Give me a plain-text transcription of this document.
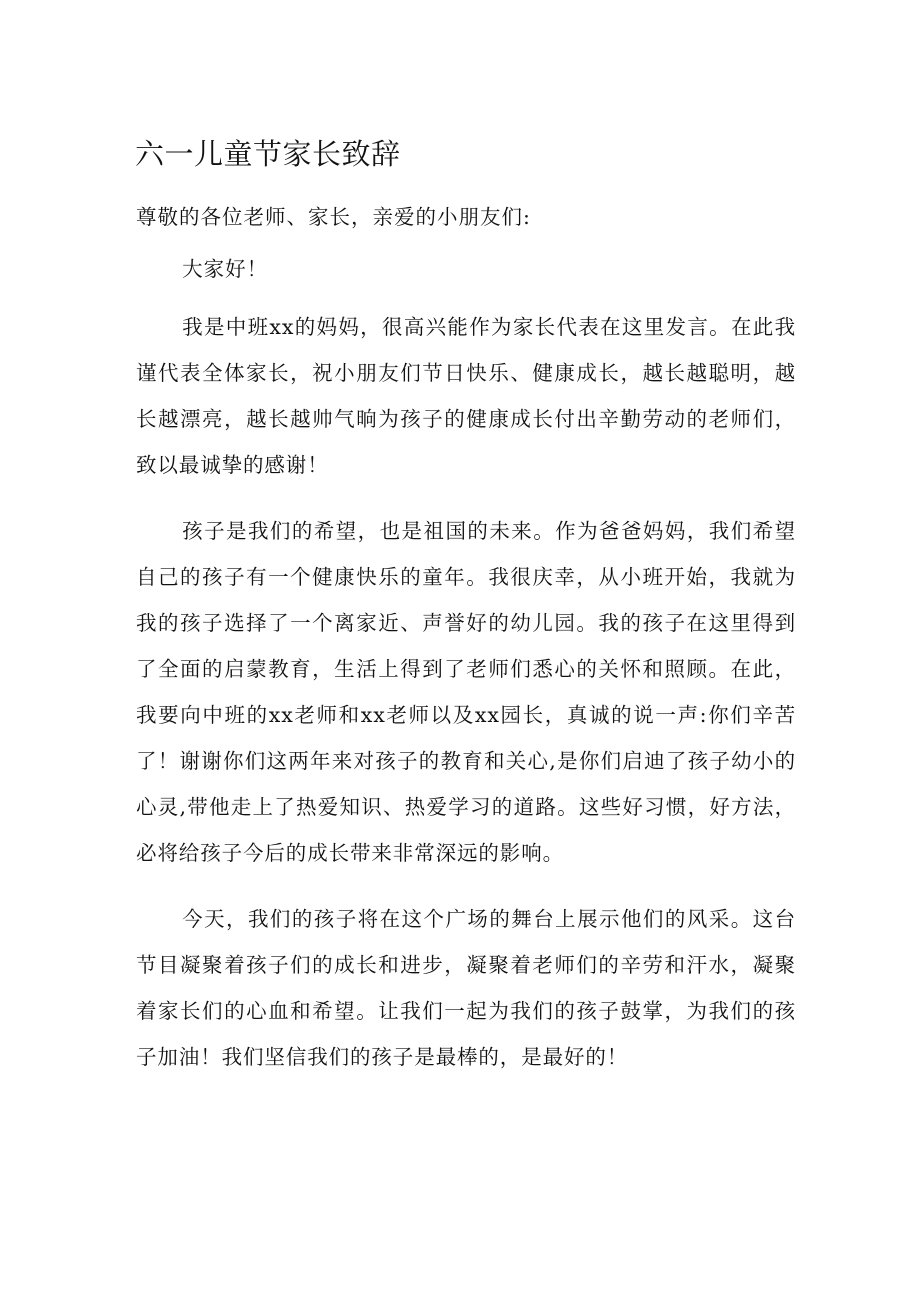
六一儿童节家长致辞

尊敬的各位老师、家长，亲爱的小朋友们:

大家好！

我是中班xx的妈妈，很高兴能作为家长代表在这里发言。在此我谨代表全体家长，祝小朋友们节日快乐、健康成长，越长越聪明，越长越漂亮，越长越帅气晌为孩子的健康成长付出辛勤劳动的老师们，致以最诚挚的感谢！

孩子是我们的希望，也是祖国的未来。作为爸爸妈妈，我们希望自己的孩子有一个健康快乐的童年。我很庆幸，从小班开始，我就为我的孩子选择了一个离家近、声誉好的幼儿园。我的孩子在这里得到了全面的启蒙教育，生活上得到了老师们悉心的关怀和照顾。在此，我要向中班的xx老师和xx老师以及xx园长，真诚的说一声:你们辛苦了！谢谢你们这两年来对孩子的教育和关心,是你们启迪了孩子幼小的心灵,带他走上了热爱知识、热爱学习的道路。这些好习惯，好方法，必将给孩子今后的成长带来非常深远的影响。

今天，我们的孩子将在这个广场的舞台上展示他们的风采。这台节目凝聚着孩子们的成长和进步，凝聚着老师们的辛劳和汗水，凝聚着家长们的心血和希望。让我们一起为我们的孩子鼓掌，为我们的孩子加油！我们坚信我们的孩子是最棒的，是最好的！
